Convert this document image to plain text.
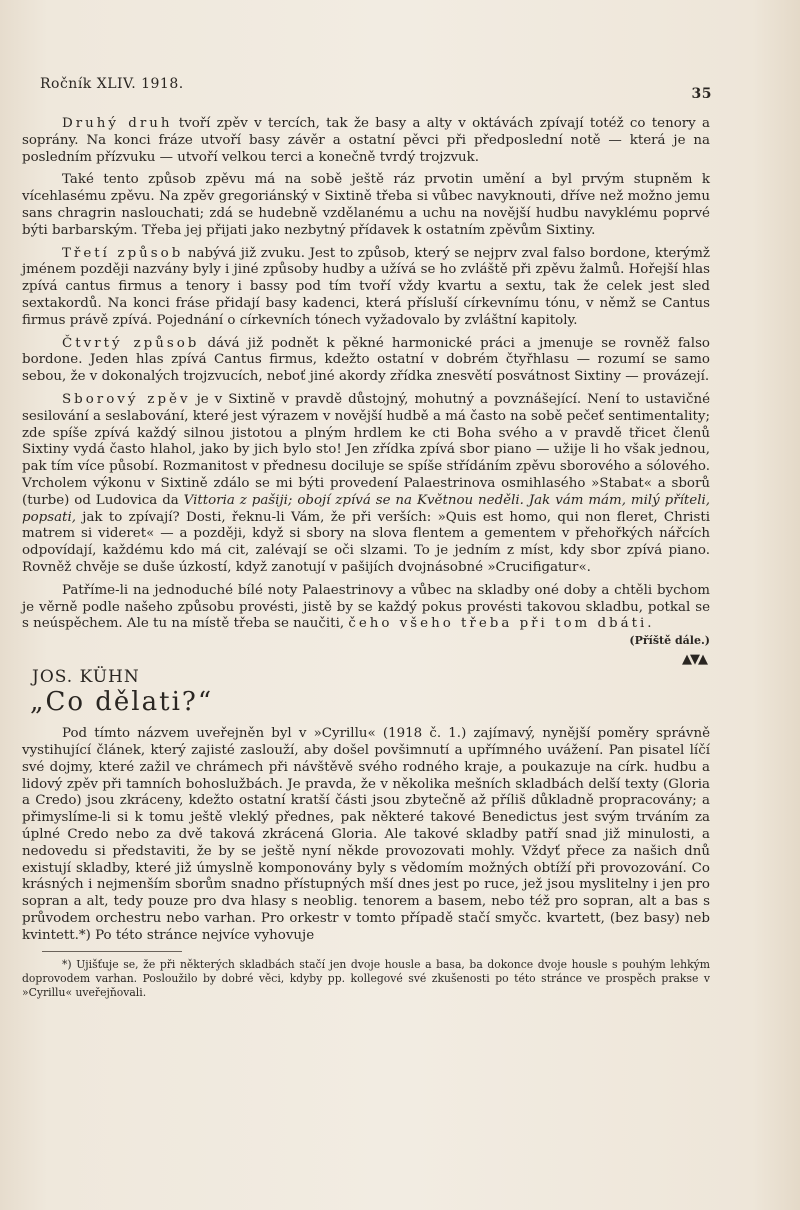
Ročník XLIV. 1918.
35

Druhý druh tvoří zpěv v tercích, tak že basy a alty v oktávách zpívají totéž co tenory a soprány. Na konci fráze utvoří basy závěr a ostatní pěvci při předposlední notě — která je na posledním přízvuku — utvoří velkou terci a konečně tvrdý trojzvuk.

Také tento způsob zpěvu má na sobě ještě ráz prvotin umění a byl prvým stupněm k vícehlasému zpěvu. Na zpěv gregoriánský v Sixtině třeba si vůbec navyknouti, dříve než možno jemu sans chragrin naslouchati; zdá se hudebně vzdělanému a uchu na novější hudbu navyklému poprvé býti barbarským. Třeba jej přijati jako nezbytný přídavek k ostatním zpěvům Sixtiny.

Třetí způsob nabývá již zvuku. Jest to způsob, který se nejprv zval falso bordone, kterýmž jménem později nazvány byly i jiné způsoby hudby a užívá se ho zvláště při zpěvu žalmů. Hořejší hlas zpívá cantus firmus a tenory i bassy pod tím tvoří vždy kvartu a sextu, tak že celek jest sled sextakordů. Na konci fráse přidají basy kadenci, která přísluší církevnímu tónu, v němž se Cantus firmus právě zpívá. Pojednání o církevních tónech vyžadovalo by zvláštní kapitoly.

Čtvrtý způsob dává již podnět k pěkné harmonické práci a jmenuje se rovněž falso bordone. Jeden hlas zpívá Cantus firmus, kdežto ostatní v dobrém čtyřhlasu — rozumí se samo sebou, že v dokonalých trojzvucích, neboť jiné akordy zřídka znesvětí posvátnost Sixtiny — provázejí.

Sborový zpěv je v Sixtině v pravdě důstojný, mohutný a povznášející. Není to ustavičné sesilování a seslabování, které jest výrazem v novější hudbě a má často na sobě pečeť sentimentality; zde spíše zpívá každý silnou jistotou a plným hrdlem ke cti Boha svého a v pravdě třicet členů Sixtiny vydá často hlahol, jako by jich bylo sto! Jen zřídka zpívá sbor piano — užije li ho však jednou, pak tím více působí. Rozmanitost v přednesu dociluje se spíše střídáním zpěvu sborového a sólového. Vrcholem výkonu v Sixtině zdálo se mi býti provedení Palaestrinova osmihlasého »Stabat« a sborů (turbe) od Ludovica da Vittoria z pašiji; obojí zpívá se na Květnou neděli. Jak vám mám, milý příteli, popsati, jak to zpívají? Dosti, řeknu-li Vám, že při verších: »Quis est homo, qui non fleret, Christi matrem si videret« — a později, když si sbory na slova flentem a gementem v přehořkých nářcích odpovídají, každému kdo má cit, zalévají se oči slzami. To je jedním z míst, kdy sbor zpívá piano. Rovněž chvěje se duše úzkostí, když zanotují v pašijích dvojnásobné »Crucifigatur«.

Patříme-li na jednoduché bílé noty Palaestrinovy a vůbec na skladby oné doby a chtěli bychom je věrně podle našeho způsobu provésti, jistě by se každý pokus provésti takovou skladbu, potkal se s neúspěchem. Ale tu na místě třeba se naučiti, čeho všeho třeba při tom dbáti.

(Příště dále.)
▲▼▲
JOS. KÜHN
„Co dělati?“

Pod tímto názvem uveřejněn byl v »Cyrillu« (1918 č. 1.) zajímavý, nynější poměry správně vystihující článek, který zajisté zaslouží, aby došel povšimnutí a upřímného uvážení. Pan pisatel líčí své dojmy, které zažil ve chrámech při návštěvě svého rodného kraje, a poukazuje na círk. hudbu a lidový zpěv při tamních bohoslužbách. Je pravda, že v několika mešních skladbách delší texty (Gloria a Credo) jsou zkráceny, kdežto ostatní kratší části jsou zbytečně až příliš důkladně propracovány; a přimyslíme-li si k tomu ještě vleklý přednes, pak některé takové Benedictus jest svým trváním za úplné Credo nebo za dvě taková zkrácená Gloria. Ale takové skladby patří snad již minulosti, a nedovedu si představiti, že by se ještě nyní někde provozovati mohly. Vždyť přece za našich dnů existují skladby, které již úmyslně komponovány byly s vědomím možných obtíží při provozování. Co krásných i nejmenším sborům snadno přístupných mší dnes jest po ruce, jež jsou myslitelny i jen pro sopran a alt, tedy pouze pro dva hlasy s neoblig. tenorem a basem, nebo též pro sopran, alt a bas s průvodem orchestru nebo varhan. Pro orkestr v tomto případě stačí smyčc. kvartett, (bez basy) neb kvintett.*) Po této stránce nejvíce vyhovuje

*) Ujišťuje se, že při některých skladbách stačí jen dvoje housle a basa, ba dokonce dvoje housle s pouhým lehkým doprovodem varhan. Posloužilo by dobré věci, kdyby pp. kollegové své zkušenosti po této stránce ve prospěch prakse v »Cyrillu« uveřejňovali.
